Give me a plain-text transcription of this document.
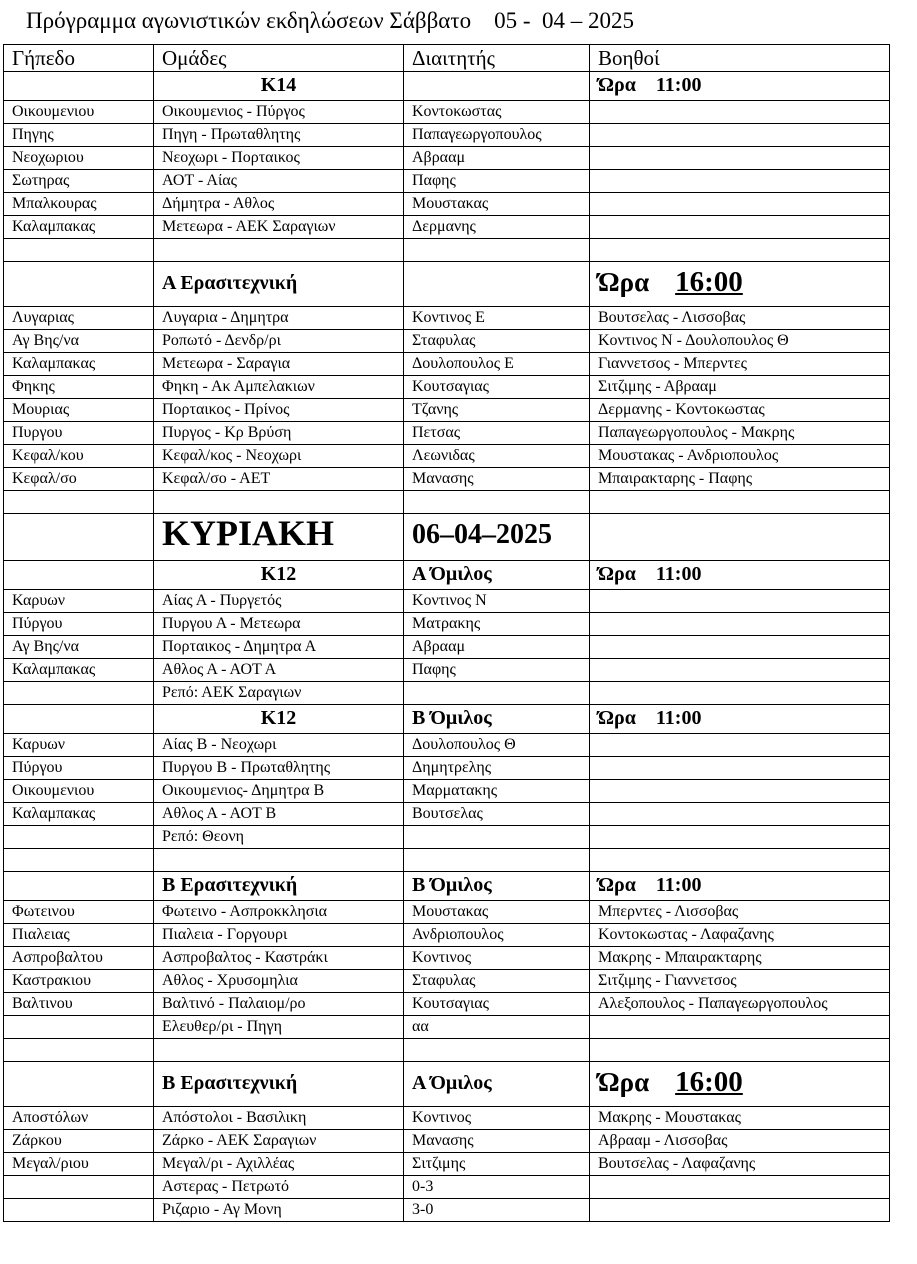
Πρόγραμμα αγωνιστικών εκδηλώσεων Σάββατο    05 -  04 – 2025
Γήπεδο	Ομάδες	Διαιτητής	Βοηθοί
	Κ14		Ώρα    11:00
Οικουμενιου	Οικουμενιος - Πύργος	Κοντοκωστας	
Πηγης	Πηγη - Πρωταθλητης	Παπαγεωργοπουλος	
Νεοχωριου	Νεοχωρι - Πορταικος	Αβρααμ	
Σωτηρας	ΑΟΤ - Αίας	Παφης	
Μπαλκουρας	Δήμητρα - Αθλος	Μουστακας	
Καλαμπακας	Μετεωρα - ΑΕΚ Σαραγιων	Δερμανης	

	Α Ερασιτεχνική		Ώρα 16:00
Λυγαριας	Λυγαρια - Δημητρα	Κοντινος Ε	Βουτσελας - Λισσοβας
Αγ Βης/να	Ροπωτό - Δενδρ/ρι	Σταφυλας	Κοντινος Ν - Δουλοπουλος Θ
Καλαμπακας	Μετεωρα - Σαραγια	Δουλοπουλος Ε	Γιαννετσος - Μπερντες
Φηκης	Φηκη - Ακ Αμπελακιων	Κουτσαγιας	Σιτζιμης - Αβρααμ
Μουριας	Πορταικος - Πρίνος	Τζανης	Δερμανης - Κοντοκωστας
Πυργου	Πυργος - Κρ Βρύση	Πετσας	Παπαγεωργοπουλος - Μακρης
Κεφαλ/κου	Κεφαλ/κος - Νεοχωρι	Λεωνιδας	Μουστακας - Ανδριοπουλος
Κεφαλ/σο	Κεφαλ/σο - ΑΕΤ	Μανασης	Μπαιρακταρης - Παφης

	ΚΥΡΙΑΚΗ	06–04–2025	
	Κ12	Α Όμιλος	Ώρα    11:00
Καρυων	Αίας Α - Πυργετός	Κοντινος Ν	
Πύργου	Πυργου Α - Μετεωρα	Ματρακης	
Αγ Βης/να	Πορταικος - Δημητρα Α	Αβρααμ	
Καλαμπακας	Αθλος Α - ΑΟΤ Α	Παφης	
	Ρεπό: ΑΕΚ Σαραγιων		
	Κ12	Β Όμιλος	Ώρα    11:00
Καρυων	Αίας Β - Νεοχωρι	Δουλοπουλος Θ	
Πύργου	Πυργου Β - Πρωταθλητης	Δημητρελης	
Οικουμενιου	Οικουμενιος- Δημητρα Β	Μαρματακης	
Καλαμπακας	Αθλος Α - ΑΟΤ Β	Βουτσελας	
	Ρεπό: Θεονη		

	Β Ερασιτεχνική	Β Όμιλος	Ώρα    11:00
Φωτεινου	Φωτεινο - Ασπροκκλησια	Μουστακας	Μπερντες - Λισσοβας
Πιαλειας	Πιαλεια - Γοργουρι	Ανδριοπουλος	Κοντοκωστας - Λαφαζανης
Ασπροβαλτου	Ασπροβαλτος - Καστράκι	Κοντινος	Μακρης - Μπαιρακταρης
Καστρακιου	Αθλος - Χρυσομηλια	Σταφυλας	Σιτζιμης - Γιαννετσος
Βαλτινου	Βαλτινό - Παλαιομ/ρο	Κουτσαγιας	Αλεξοπουλος - Παπαγεωργοπουλος
	Ελευθερ/ρι - Πηγη	αα	

	Β Ερασιτεχνική	Α Όμιλος	Ώρα 16:00
Αποστόλων	Απόστολοι - Βασιλικη	Κοντινος	Μακρης - Μουστακας
Ζάρκου	Ζάρκο - ΑΕΚ Σαραγιων	Μανασης	Αβρααμ - Λισσοβας
Μεγαλ/ριου	Μεγαλ/ρι - Αχιλλέας	Σιτζιμης	Βουτσελας - Λαφαζανης
	Αστερας - Πετρωτό	0-3	
	Ριζαριο - Αγ Μονη	3-0	
